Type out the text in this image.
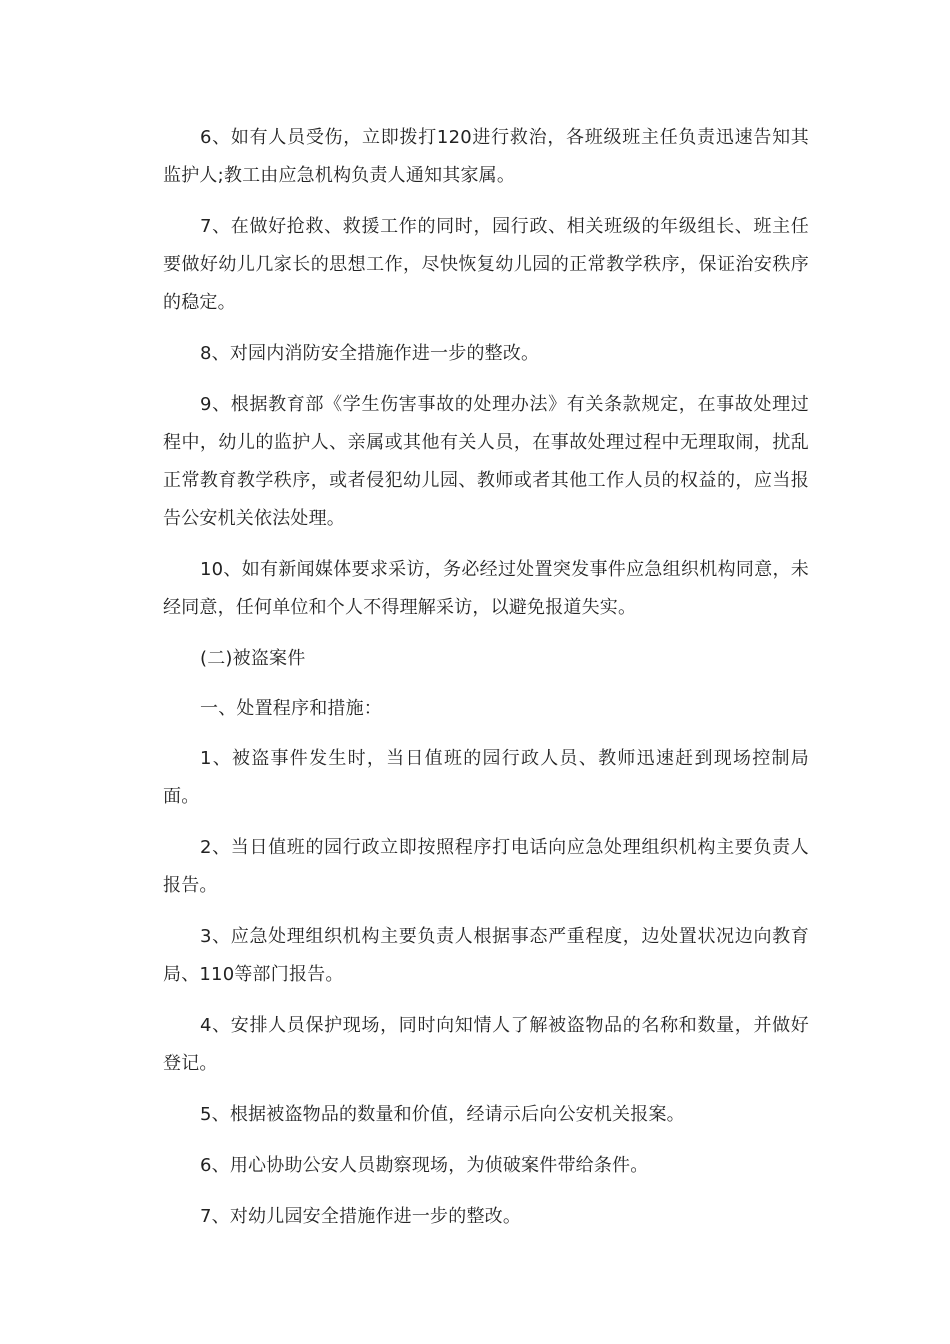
6、如有人员受伤，立即拨打120进行救治，各班级班主任负责迅速告知其监护人;教工由应急机构负责人通知其家属。

7、在做好抢救、救援工作的同时，园行政、相关班级的年级组长、班主任要做好幼儿几家长的思想工作，尽快恢复幼儿园的正常教学秩序，保证治安秩序的稳定。

8、对园内消防安全措施作进一步的整改。

9、根据教育部《学生伤害事故的处理办法》有关条款规定，在事故处理过程中，幼儿的监护人、亲属或其他有关人员，在事故处理过程中无理取闹，扰乱正常教育教学秩序，或者侵犯幼儿园、教师或者其他工作人员的权益的，应当报告公安机关依法处理。

10、如有新闻媒体要求采访，务必经过处置突发事件应急组织机构同意，未经同意，任何单位和个人不得理解采访，以避免报道失实。

(二)被盗案件

一、处置程序和措施：

1、被盗事件发生时，当日值班的园行政人员、教师迅速赶到现场控制局面。

2、当日值班的园行政立即按照程序打电话向应急处理组织机构主要负责人报告。

3、应急处理组织机构主要负责人根据事态严重程度，边处置状况边向教育局、110等部门报告。

4、安排人员保护现场，同时向知情人了解被盗物品的名称和数量，并做好登记。

5、根据被盗物品的数量和价值，经请示后向公安机关报案。

6、用心协助公安人员勘察现场，为侦破案件带给条件。

7、对幼儿园安全措施作进一步的整改。
